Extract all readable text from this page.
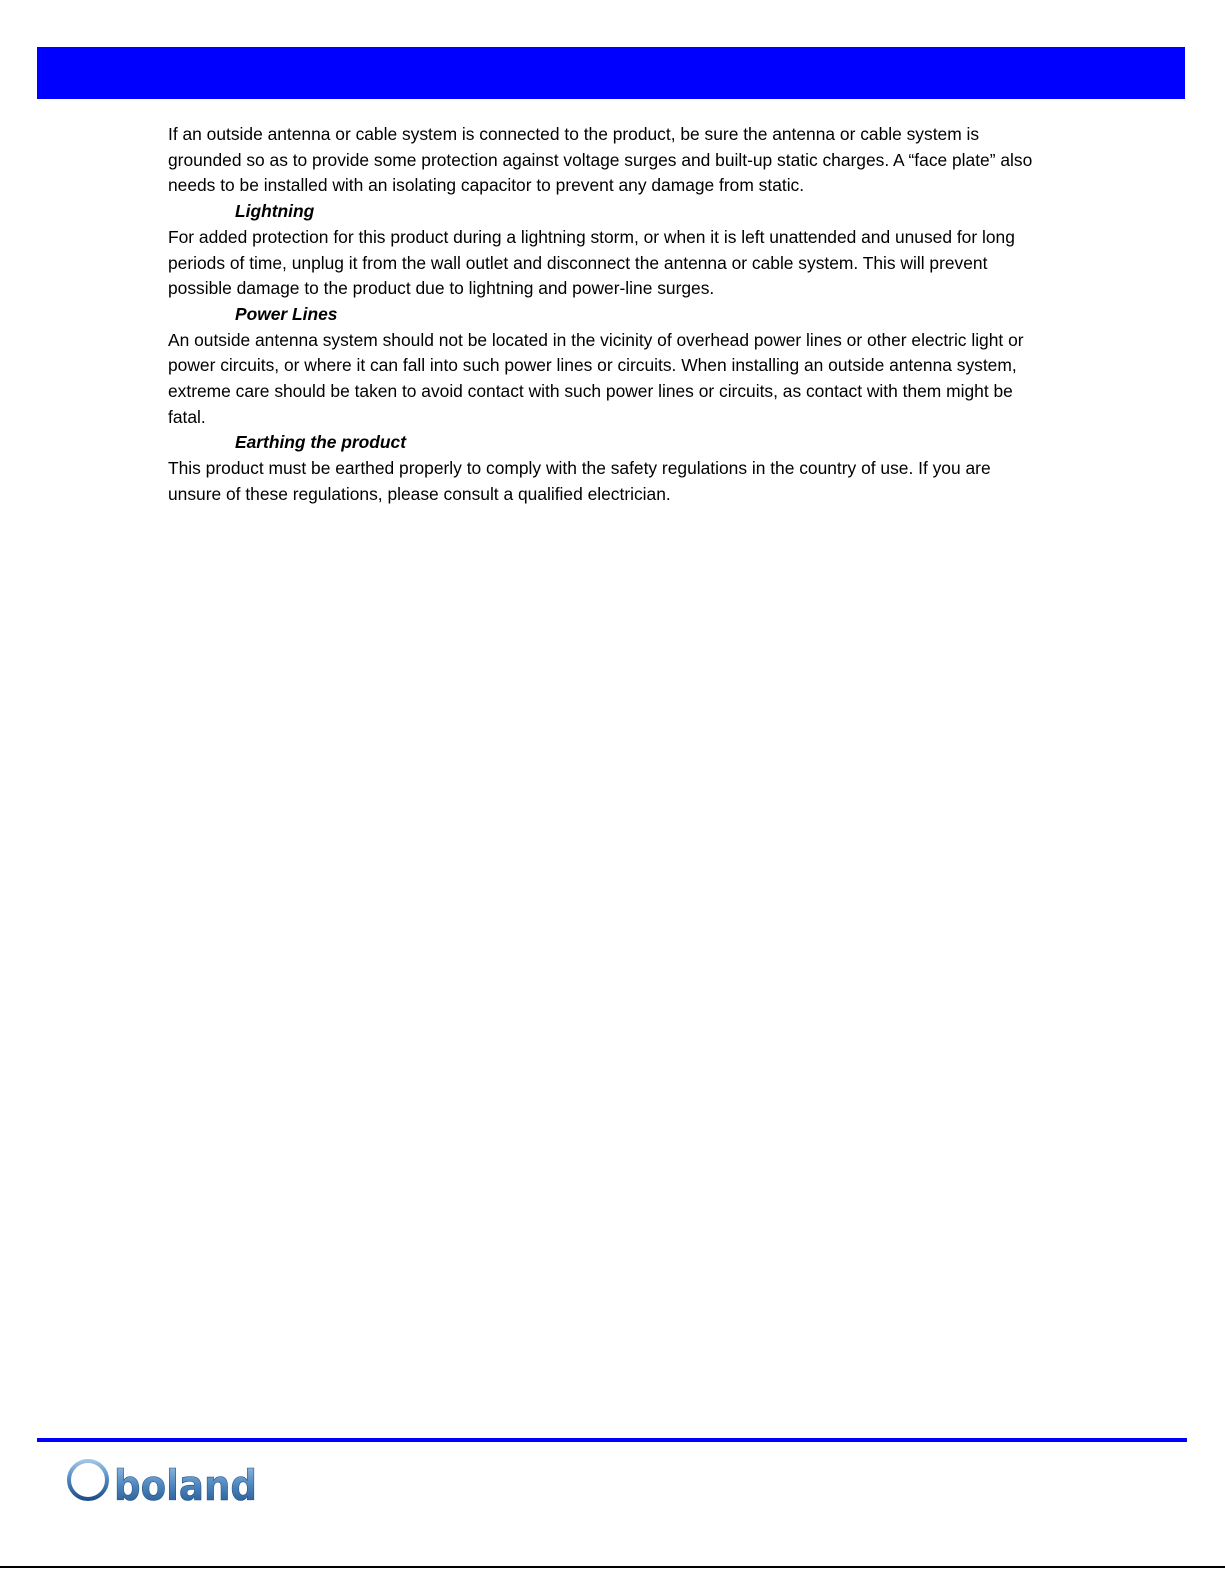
If an outside antenna or cable system is connected to the product, be sure the antenna or cable system is grounded so as to provide some protection against voltage surges and built-up static charges. A “face plate” also needs to be installed with an isolating capacitor to prevent any damage from static.

Lightning

For added protection for this product during a lightning storm, or when it is left unattended and unused for long periods of time, unplug it from the wall outlet and disconnect the antenna or cable system. This will prevent possible damage to the product due to lightning and power-line surges.

Power Lines

An outside antenna system should not be located in the vicinity of overhead power lines or other electric light or power circuits, or where it can fall into such power lines or circuits. When installing an outside antenna system, extreme care should be taken to avoid contact with such power lines or circuits, as contact with them might be fatal.

Earthing the product

This product must be earthed properly to comply with the safety regulations in the country of use. If you are unsure of these regulations, please consult a qualified electrician.

boland
